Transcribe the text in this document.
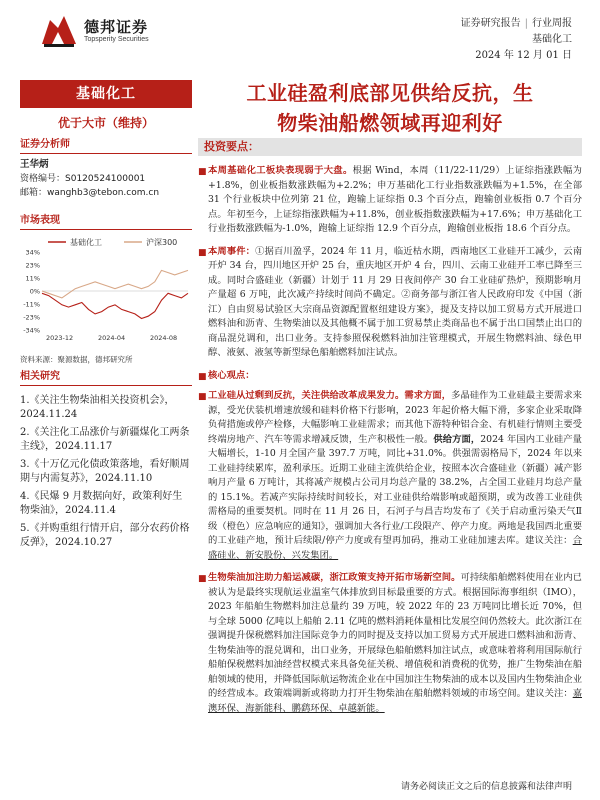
德邦证券
Topsperity Securities
证券研究报告 | 行业周报
基础化工
2024 年 12 月 01 日
基础化工
优于大市（维持）
证券分析师
王华炳
资格编号：S0120524100001
邮箱：wanghb3@tebon.com.cn
市场表现
基础化工	沪深300
34%
23%
11%
0%
-11%
-23%
-34%
2023-12	2024-04	2024-08
资料来源：聚源数据，德邦研究所
相关研究
1.《关注生物柴油相关投资机会》，2024.11.24
2.《关注化工品涨价与新疆煤化工两条主线》，2024.11.17
3.《十万亿元化债政策落地，看好顺周期与内需复苏》，2024.11.10
4.《民爆 9 月数据向好，政策利好生物柴油》，2024.11.4
5.《并购重组行情开启，部分农药价格反弹》，2024.10.27
工业硅盈利底部见供给反抗，生
物柴油船燃领域再迎利好
投资要点：
■ 本周基础化工板块表现弱于大盘。根据 Wind，本周（11/22-11/29）上证综指涨跌幅为+1.8%，创业板指数涨跌幅为+2.2%；申万基础化工行业指数涨跌幅为+1.5%，在全部 31 个行业板块中位列第 21 位，跑输上证综指 0.3 个百分点，跑输创业板指 0.7 个百分点。年初至今，上证综指涨跌幅为+11.8%，创业板指数涨跌幅为+17.6%；申万基础化工行业指数涨跌幅为-1.0%，跑输上证综指 12.9 个百分点，跑输创业板指 18.6 个百分点。
■ 本周事件：①据百川盈孚，2024 年 11 月，临近枯水期，西南地区工业硅开工减少，云南开炉 34 台，四川地区开炉 25 台，重庆地区开炉 4 台，四川、云南工业硅开工率已降至三成。同时合盛硅业（新疆）计划于 11 月 29 日夜间停产 30 台工业硅矿热炉，预期影响月产量超 6 万吨，此次减产持续时间尚不确定。②商务部与浙江省人民政府印发《中国（浙江）自由贸易试验区大宗商品资源配置枢纽建设方案》，提及支持以加工贸易方式开展进口燃料油和沥青、生物柴油以及其他概不属于加工贸易禁止类商品也不属于出口国禁止出口的商品混兑调和，出口业务。支持参照保税燃料油加注管理模式，开展生物燃料油、绿色甲醇、液氨、液氢等新型绿色船舶燃料加注试点。
■ 核心观点：
■ 工业硅从过剩到反抗，关注供给改革成果发力。需求方面，多晶硅作为工业硅最主要需求来源，受光伏装机增速放缓和硅料价格下行影响，2023 年起价格大幅下滑，多家企业采取降负荷措施或停产检修，大幅影响工业硅需求；而其他下游特种铝合金、有机硅行情则主要受终端房地产、汽车等需求增减反馈，生产积极性一般。供给方面，2024 年国内工业硅产量大幅增长，1-10 月全国产量 397.7 万吨，同比+31.0%。供强需弱格局下，2024 年以来工业硅持续累库，盈利承压。近期工业硅主流供给企业，按照本次合盛硅业（新疆）减产影响月产量 6 万吨计，其将减产规模占公司月均总产量的 38.2%，占全国工业硅月均总产量的 15.1%。若减产实际持续时间较长，对工业硅供给端影响或超预期，或为改善工业硅供需格局的重要契机。同时在 11 月 26 日，石河子与昌吉均发布了《关于启动重污染天气Ⅱ级（橙色）应急响应的通知》，强调加大各行业/工段限产、停产力度。两地是我国西北重要的工业硅产地，预计后续限/停产力度或有望再加码，推动工业硅加速去库。建议关注：合盛硅业、新安股份、兴发集团。
■ 生物柴油加注助力船运减碳，浙江政策支持开拓市场新空间。可持续船舶燃料使用在业内已被认为是最终实现航运业温室气体排放到目标最重要的方式。根据国际海事组织（IMO），2023 年船舶生物燃料加注总量约 39 万吨，较 2022 年的 23 万吨同比增长近 70%，但与全球 5000 亿吨以上船舶 2.11 亿吨的燃料消耗体量相比发展空间仍然较大。此次浙江在强调提升保税燃料加注国际竞争力的同时提及支持以加工贸易方式开展进口燃料油和沥青、生物柴油等的混兑调和，出口业务，开展绿色船舶燃料加注试点，或意味着将利用国际航行船舶保税燃料加油经营权模式来具备免征关税、增值税和消费税的优势，推广生物柴油在船舶领域的使用，并降低国际航运物流企业在中国加注生物柴油的成本以及国内生物柴油企业的经营成本。政策端调新或将助力打开生物柴油在船舶燃料领域的市场空间。建议关注：嘉澳环保、海新能科、鹏鹞环保、卓越新能。
请务必阅读正文之后的信息披露和法律声明
